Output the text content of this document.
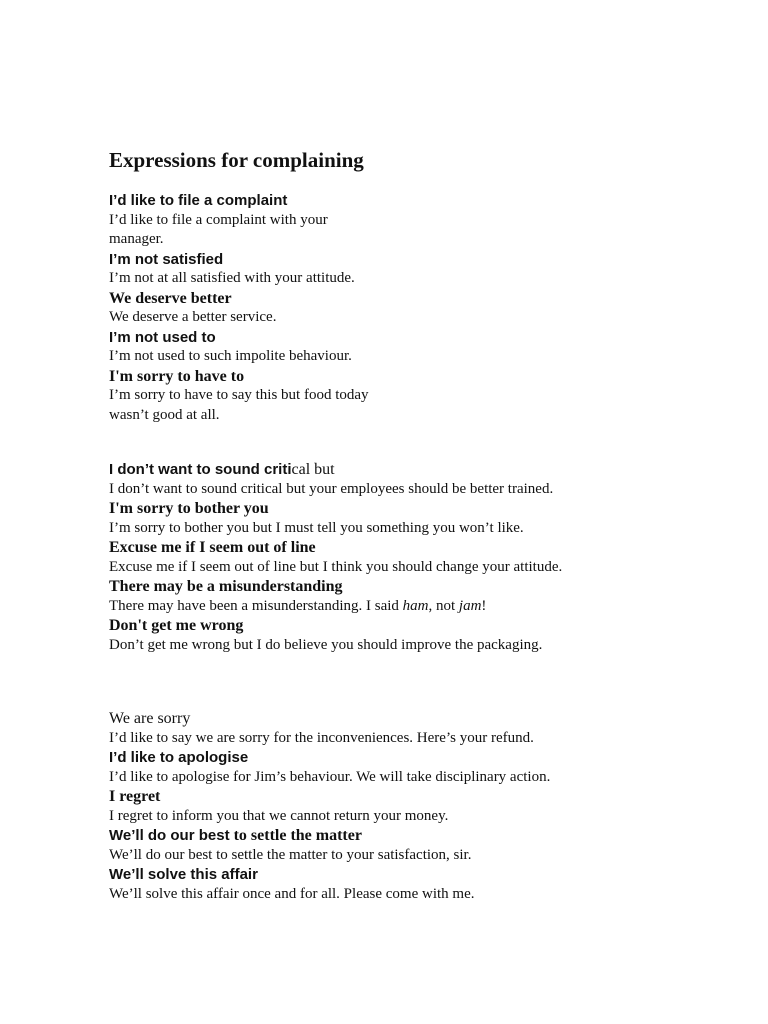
Expressions for complaining
I’d like to file a complaint
I’d like to file a complaint with your
manager.
I’m not satisfied
I’m not at all satisfied with your attitude.
We deserve better
We deserve a better service.
I’m not used to
I’m not used to such impolite behaviour.
I'm sorry to have to
I’m sorry to have to say this but food today
wasn’t good at all.
I don’t want to sound critical but
I don’t want to sound critical but your employees should be better trained.
I'm sorry to bother you
I’m sorry to bother you but I must tell you something you won’t like.
Excuse me if I seem out of line
Excuse me if I seem out of line but I think you should change your attitude.
There may be a misunderstanding
There may have been a misunderstanding. I said ham, not jam!
Don't get me wrong
Don’t get me wrong but I do believe you should improve the packaging.
We are sorry
I’d like to say we are sorry for the inconveniences. Here’s your refund.
I’d like to apologise
I’d like to apologise for Jim’s behaviour. We will take disciplinary action.
I regret
I regret to inform you that we cannot return your money.
We’ll do our best to settle the matter
We’ll do our best to settle the matter to your satisfaction, sir.
We’ll solve this affair
We’ll solve this affair once and for all. Please come with me.
